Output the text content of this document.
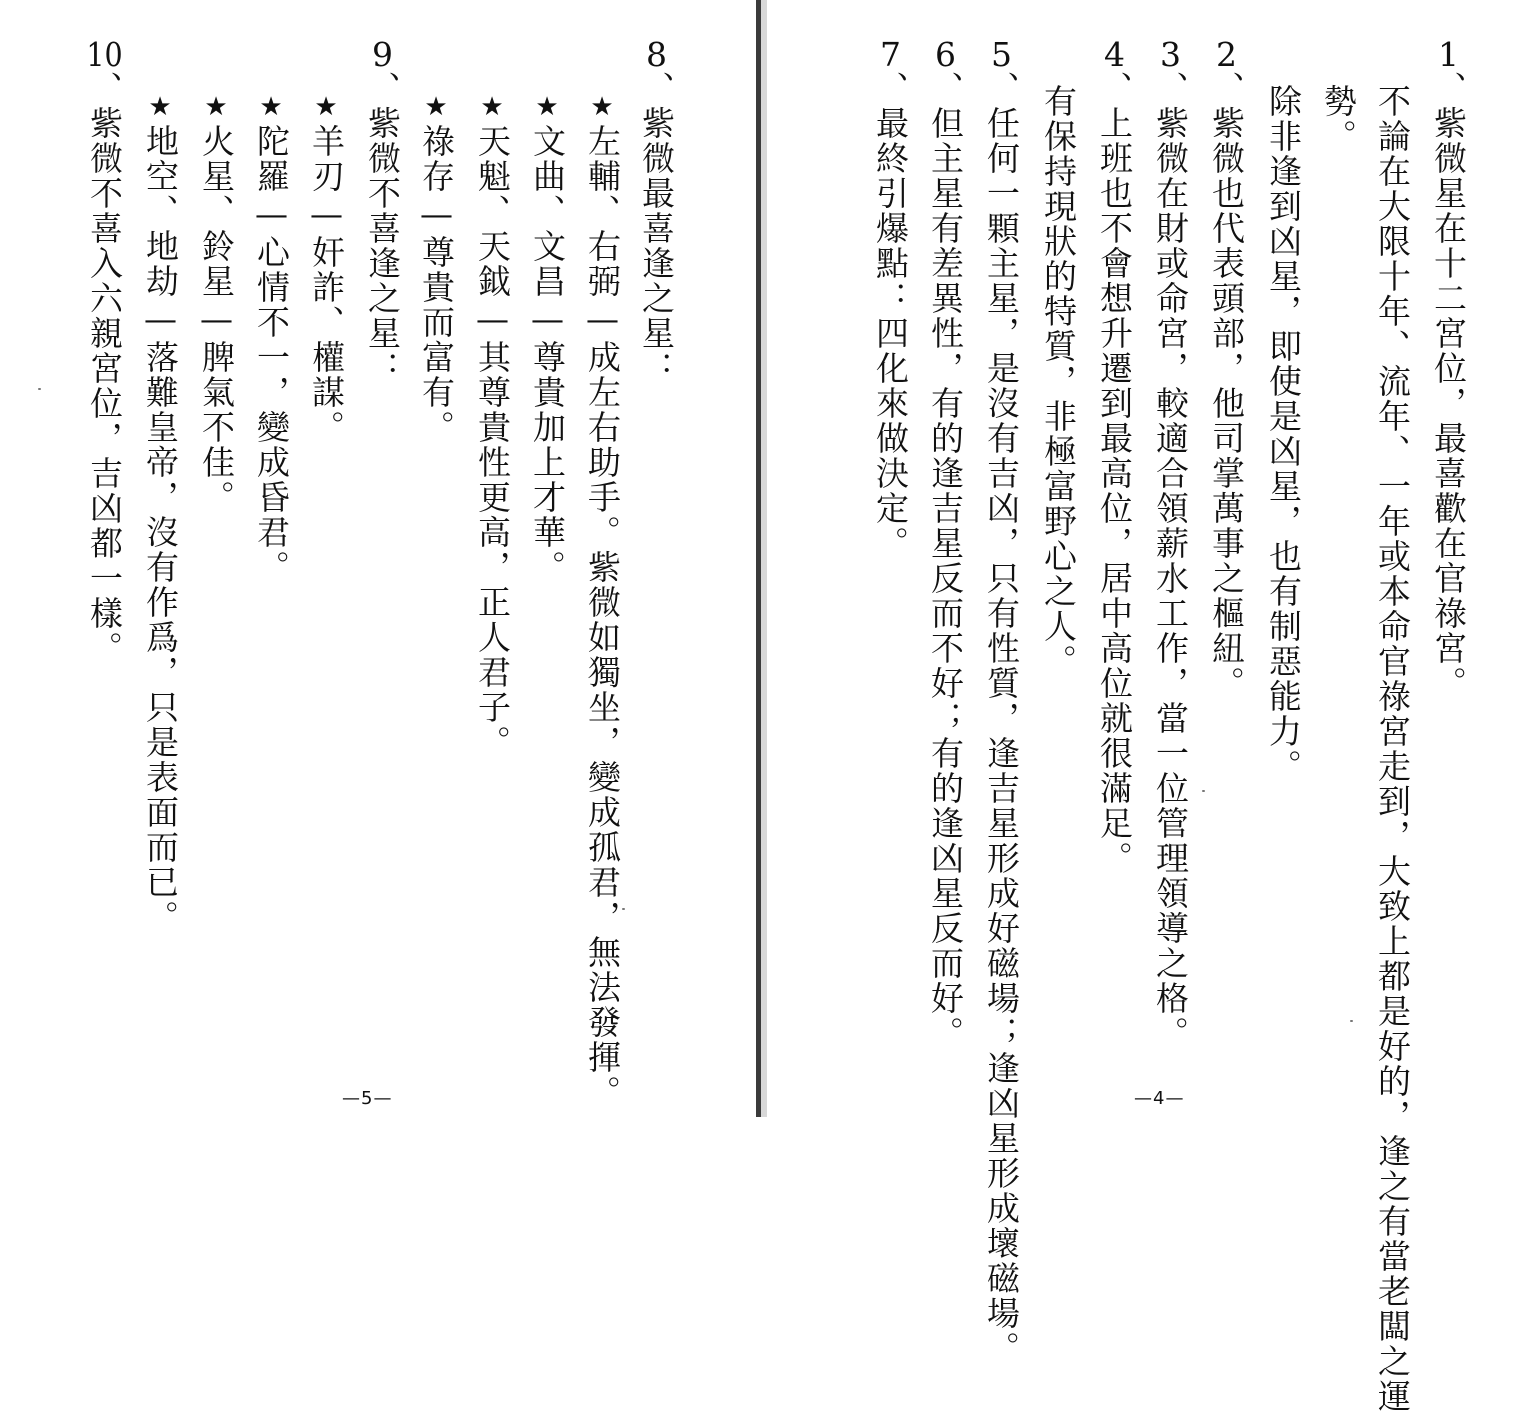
1、紫微星在十二宮位，最喜歡在官祿宮。
不論在大限十年、流年、一年或本命官祿宮走到，大致上都是好的，逢之有當老闆之運
勢。
除非逢到凶星，即使是凶星，也有制惡能力。
2、紫微也代表頭部，他司掌萬事之樞紐。
3、紫微在財或命宮，較適合領薪水工作，當一位管理領導之格。
4、上班也不會想升遷到最高位，居中高位就很滿足。
有保持現狀的特質，非極富野心之人。
5、任何一顆主星，是沒有吉凶，只有性質，逢吉星形成好磁場；逢凶星形成壞磁場。
6、但主星有差異性，有的逢吉星反而不好；有的逢凶星反而好。
7、最終引爆點：四化來做決定。
—4—
8、紫微最喜逢之星：
★左輔、右弼—成左右助手。紫微如獨坐，變成孤君，無法發揮。
★文曲、文昌—尊貴加上才華。
★天魁、天鉞—其尊貴性更高，正人君子。
★祿存—尊貴而富有。
9、紫微不喜逢之星：
★羊刃—奸詐、權謀。
★陀羅—心情不一，變成昏君。
★火星、鈴星—脾氣不佳。
★地空、地劫—落難皇帝，沒有作爲，只是表面而已。
10、紫微不喜入六親宮位，吉凶都一樣。
—5—
